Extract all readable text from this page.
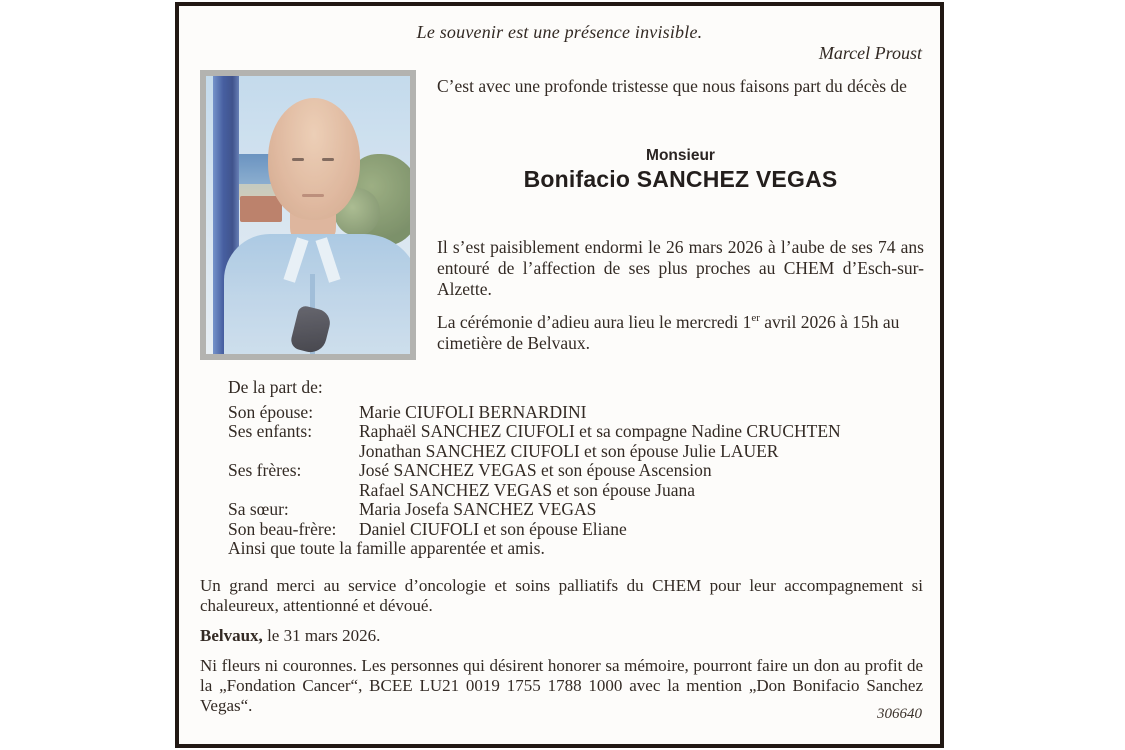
Le souvenir est une présence invisible.
Marcel Proust
C’est avec une profonde tristesse que nous faisons part du décès de
Monsieur
Bonifacio SANCHEZ VEGAS
Il s’est paisiblement endormi le 26 mars 2026 à l’aube de ses 74 ans entouré de l’affection de ses plus proches au CHEM d’Esch-sur-Alzette.
La cérémonie d’adieu aura lieu le mercredi 1er avril 2026 à 15h au cimetière de Belvaux.
De la part de:
Son épouse:	Marie CIUFOLI BERNARDINI
Ses enfants:	Raphaël SANCHEZ CIUFOLI et sa compagne Nadine CRUCHTEN
Jonathan SANCHEZ CIUFOLI et son épouse Julie LAUER
Ses frères:	José SANCHEZ VEGAS et son épouse Ascension
Rafael SANCHEZ VEGAS et son épouse Juana
Sa sœur:	Maria Josefa SANCHEZ VEGAS
Son beau-frère:	Daniel CIUFOLI et son épouse Eliane
Ainsi que toute la famille apparentée et amis.
Un grand merci au service d’oncologie et soins palliatifs du CHEM pour leur accompagnement si chaleureux, attentionné et dévoué.
Belvaux, le 31 mars 2026.
Ni fleurs ni couronnes. Les personnes qui désirent honorer sa mémoire, pourront faire un don au profit de la „Fondation Cancer“, BCEE LU21 0019 1755 1788 1000 avec la mention „Don Bonifacio Sanchez Vegas“.	306640
